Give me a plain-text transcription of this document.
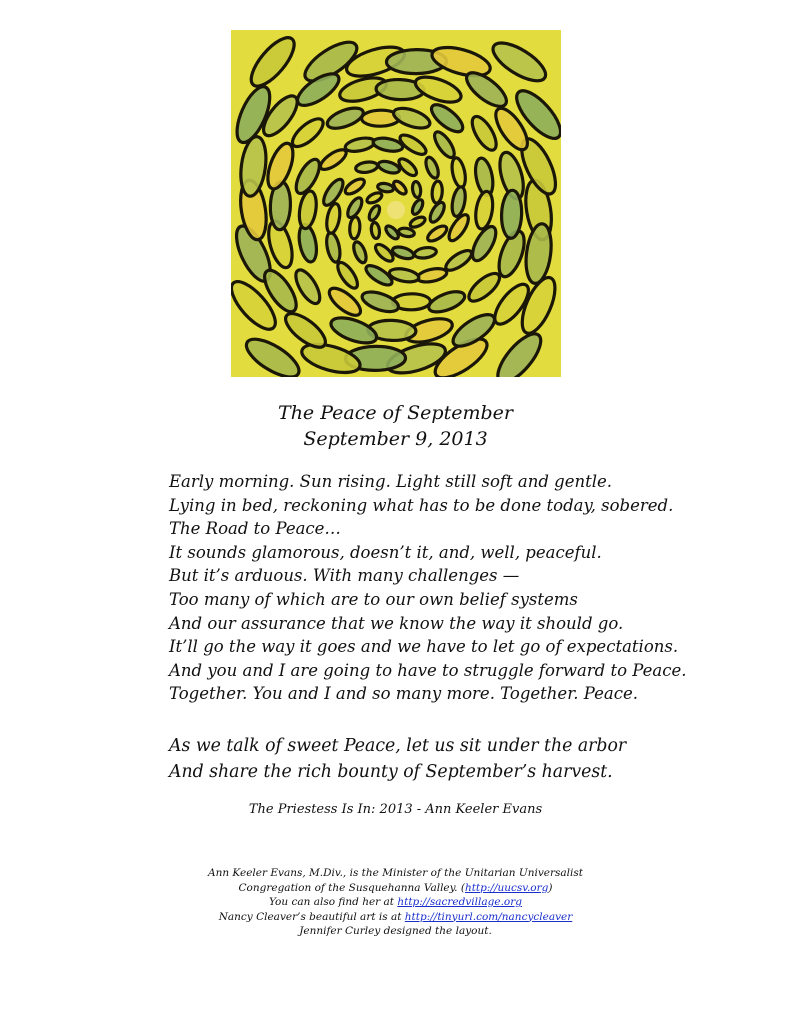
The Peace of September
September 9, 2013
Early morning. Sun rising. Light still soft and gentle.
Lying in bed, reckoning what has to be done today, sobered.
The Road to Peace…
It sounds glamorous, doesn’t it, and, well, peaceful.
But it’s arduous. With many challenges —
Too many of which are to our own belief systems
And our assurance that we know the way it should go.
It’ll go the way it goes and we have to let go of expectations.
And you and I are going to have to struggle forward to Peace.
Together. You and I and so many more. Together. Peace.
As we talk of sweet Peace, let us sit under the arbor
And share the rich bounty of September’s harvest.
The Priestess Is In: 2013 - Ann Keeler Evans
Ann Keeler Evans, M.Div., is the Minister of the Unitarian Universalist
Congregation of the Susquehanna Valley. (http://uucsv.org)
You can also find her at http://sacredvillage.org
Nancy Cleaver’s beautiful art is at http://tinyurl.com/nancycleaver
Jennifer Curley designed the layout.
